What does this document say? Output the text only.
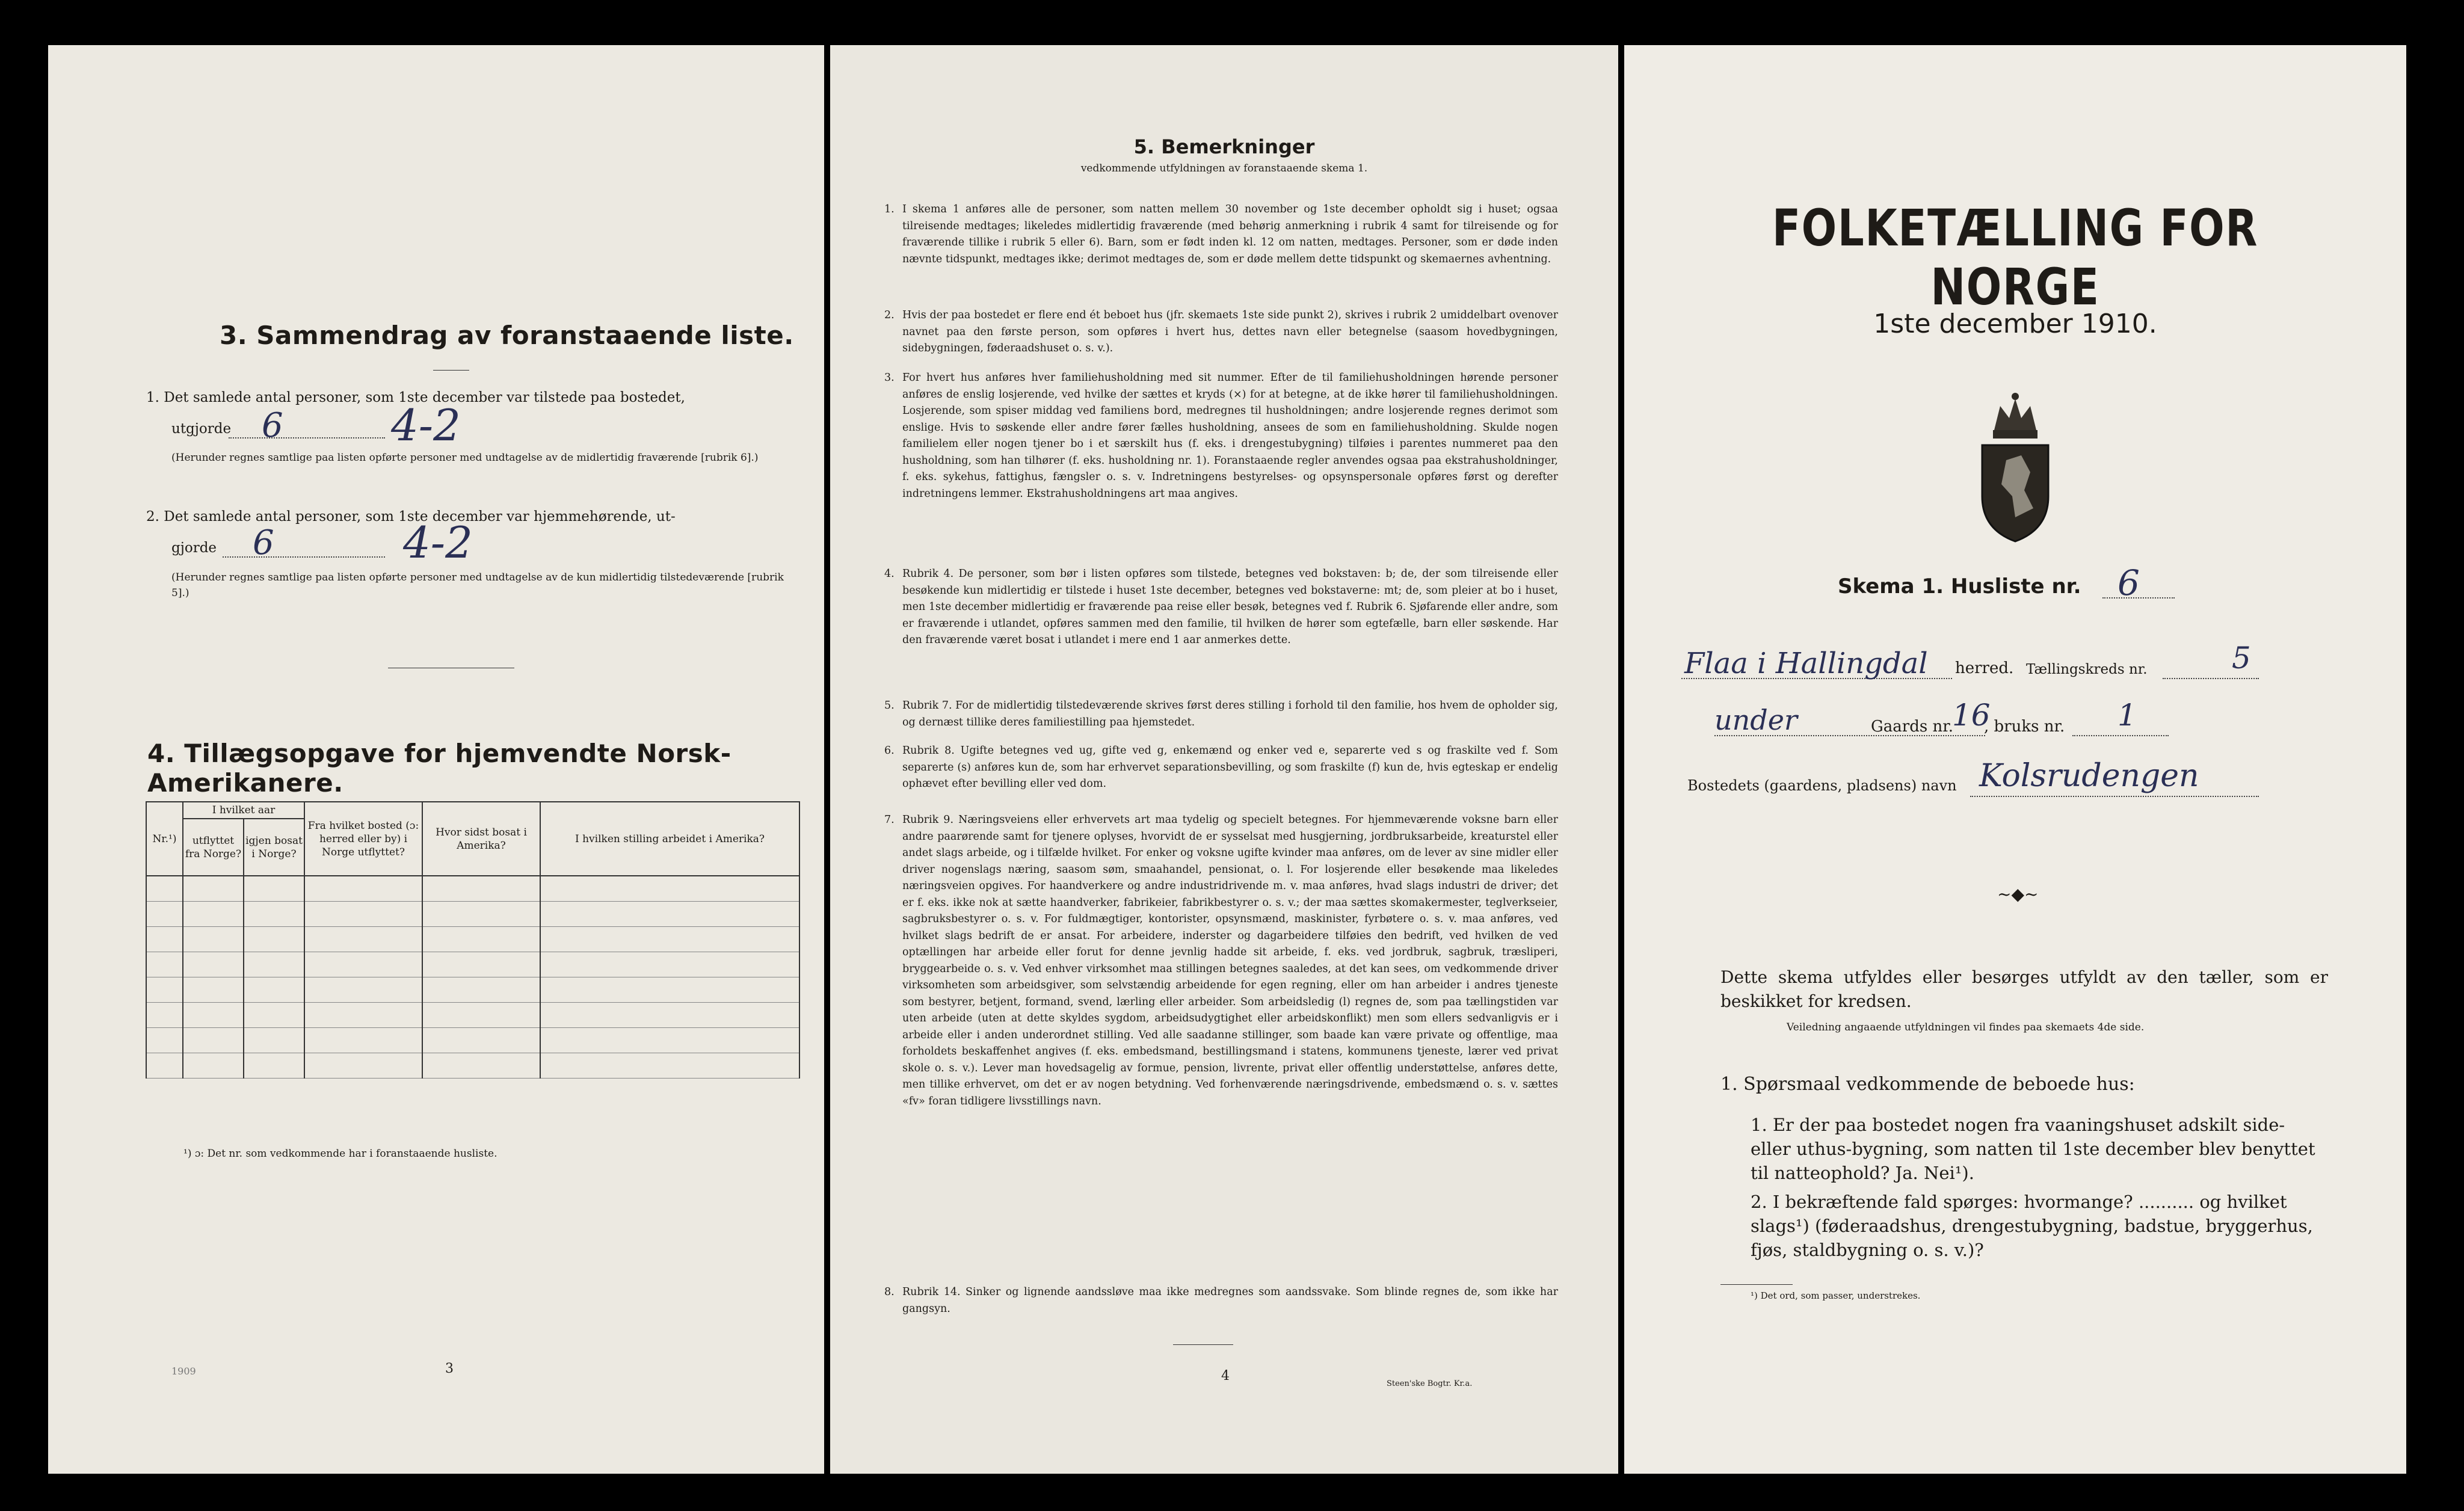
3. Sammendrag av foranstaaende liste.
1. Det samlede antal personer, som 1ste december var tilstede paa bostedet,
utgjorde 6 4-2
(Herunder regnes samtlige paa listen opførte personer med undtagelse av de midlertidig fraværende [rubrik 6].)
2. Det samlede antal personer, som 1ste december var hjemmehørende, ut-
gjorde 6	4-2
(Herunder regnes samtlige paa listen opførte personer med undtagelse av de kun midlertidig tilstedeværende [rubrik 5].)
4. Tillægsopgave for hjemvendte Norsk-Amerikanere.
Nr.¹)	I hvilket aar		Fra hvilket bosted (ɔ: herred eller by) i Norge utflyttet?	Hvor sidst bosat i Amerika?	I hvilken stilling arbeidet i Amerika?
	utflyttet fra Norge?	igjen bosat i Norge?			

¹) ɔ: Det nr. som vedkommende har i foranstaaende husliste.
3
1909
5. Bemerkninger
vedkommende utfyldningen av foranstaaende skema 1.
1. I skema 1 anføres alle de personer, som natten mellem 30 november og 1ste december opholdt sig i huset; ogsaa tilreisende medtages; likeledes midlertidig fraværende (med behørig anmerkning i rubrik 4 samt for tilreisende og for fraværende tillike i rubrik 5 eller 6). Barn, som er født inden kl. 12 om natten, medtages. Personer, som er døde inden nævnte tidspunkt, medtages ikke; derimot medtages de, som er døde mellem dette tidspunkt og skemaernes avhentning.
2. Hvis der paa bostedet er flere end ét beboet hus (jfr. skemaets 1ste side punkt 2), skrives i rubrik 2 umiddelbart ovenover navnet paa den første person, som opføres i hvert hus, dettes navn eller betegnelse (saasom hovedbygningen, sidebygningen, føderaadshuset o. s. v.).
3. For hvert hus anføres hver familiehusholdning med sit nummer. Efter de til familiehusholdningen hørende personer anføres de enslig losjerende, ved hvilke der sættes et kryds (×) for at betegne, at de ikke hører til familiehusholdningen. Losjerende, som spiser middag ved familiens bord, medregnes til husholdningen; andre losjerende regnes derimot som enslige. Hvis to søskende eller andre fører fælles husholdning, ansees de som en familiehusholdning. Skulde nogen familielem eller nogen tjener bo i et særskilt hus (f. eks. i drengestubygning) tilføies i parentes nummeret paa den husholdning, som han tilhører (f. eks. husholdning nr. 1). Foranstaaende regler anvendes ogsaa paa ekstrahusholdninger, f. eks. sykehus, fattighus, fængsler o. s. v. Indretningens bestyrelses- og opsynspersonale opføres først og derefter indretningens lemmer. Ekstrahusholdningens art maa angives.
4. Rubrik 4. De personer, som bør i listen opføres som tilstede, betegnes ved bokstaven: b; de, der som tilreisende eller besøkende kun midlertidig er tilstede i huset 1ste december, betegnes ved bokstaverne: mt; de, som pleier at bo i huset, men 1ste december midlertidig er fraværende paa reise eller besøk, betegnes ved f. Rubrik 6. Sjøfarende eller andre, som er fraværende i utlandet, opføres sammen med den familie, til hvilken de hører som egtefælle, barn eller søskende. Har den fraværende været bosat i utlandet i mere end 1 aar anmerkes dette.
5. Rubrik 7. For de midlertidig tilstedeværende skrives først deres stilling i forhold til den familie, hos hvem de opholder sig, og dernæst tillike deres familiestilling paa hjemstedet.
6. Rubrik 8. Ugifte betegnes ved ug, gifte ved g, enkemænd og enker ved e, separerte ved s og fraskilte ved f. Som separerte (s) anføres kun de, som har erhvervet separationsbevilling, og som fraskilte (f) kun de, hvis egteskap er endelig ophævet efter bevilling eller ved dom.
7. Rubrik 9. Næringsveiens eller erhvervets art maa tydelig og specielt betegnes. For hjemmeværende voksne barn eller andre paarørende samt for tjenere oplyses, hvorvidt de er sysselsat med husgjerning, jordbruksarbeide, kreaturstel eller andet slags arbeide, og i tilfælde hvilket. For enker og voksne ugifte kvinder maa anføres, om de lever av sine midler eller driver nogenslags næring, saasom søm, smaahandel, pensionat, o. l. For losjerende eller besøkende maa likeledes næringsveien opgives. For haandverkere og andre industridrivende m. v. maa anføres, hvad slags industri de driver; det er f. eks. ikke nok at sætte haandverker, fabrikeier, fabrikbestyrer o. s. v.; der maa sættes skomakermester, teglverkseier, sagbruksbestyrer o. s. v. For fuldmægtiger, kontorister, opsynsmænd, maskinister, fyrbøtere o. s. v. maa anføres, ved hvilket slags bedrift de er ansat. For arbeidere, inderster og dagarbeidere tilføies den bedrift, ved hvilken de ved optællingen har arbeide eller forut for denne jevnlig hadde sit arbeide, f. eks. ved jordbruk, sagbruk, træsliperi, bryggearbeide o. s. v. Ved enhver virksomhet maa stillingen betegnes saaledes, at det kan sees, om vedkommende driver virksomheten som arbeidsgiver, som selvstændig arbeidende for egen regning, eller om han arbeider i andres tjeneste som bestyrer, betjent, formand, svend, lærling eller arbeider. Som arbeidsledig (l) regnes de, som paa tællingstiden var uten arbeide (uten at dette skyldes sygdom, arbeidsudygtighet eller arbeidskonflikt) men som ellers sedvanligvis er i arbeide eller i anden underordnet stilling. Ved alle saadanne stillinger, som baade kan være private og offentlige, maa forholdets beskaffenhet angives (f. eks. embedsmand, bestillingsmand i statens, kommunens tjeneste, lærer ved privat skole o. s. v.). Lever man hovedsagelig av formue, pension, livrente, privat eller offentlig understøttelse, anføres dette, men tillike erhvervet, om det er av nogen betydning. Ved forhenværende næringsdrivende, embedsmænd o. s. v. sættes «fv» foran tidligere livsstillings navn.
8. Rubrik 14. Sinker og lignende aandssløve maa ikke medregnes som aandssvake. Som blinde regnes de, som ikke har gangsyn.
4
Steen'ske Bogtr. Kr.a.
FOLKETÆLLING FOR NORGE
1ste december 1910.
Skema 1. Husliste nr. 6
Flaa i Hallingdal herred. Tællingskreds nr.	5
under	Gaards nr.
16
, bruks nr. 1
Bostedets (gaardens, pladsens) navn Kolsrudengen
~◆~
Dette skema utfyldes eller besørges utfyldt av den tæller, som er beskikket for kredsen.
Veiledning angaaende utfyldningen vil findes paa skemaets 4de side.
1. Spørsmaal vedkommende de beboede hus:
1. Er der paa bostedet nogen fra vaaningshuset adskilt side- eller uthus-bygning, som natten til 1ste december blev benyttet til natteophold? Ja. Nei¹).
2. I bekræftende fald spørges: hvormange? .......... og hvilket slags¹) (føderaadshus, drengestubygning, badstue, bryggerhus, fjøs, staldbygning o. s. v.)?
¹) Det ord, som passer, understrekes.
